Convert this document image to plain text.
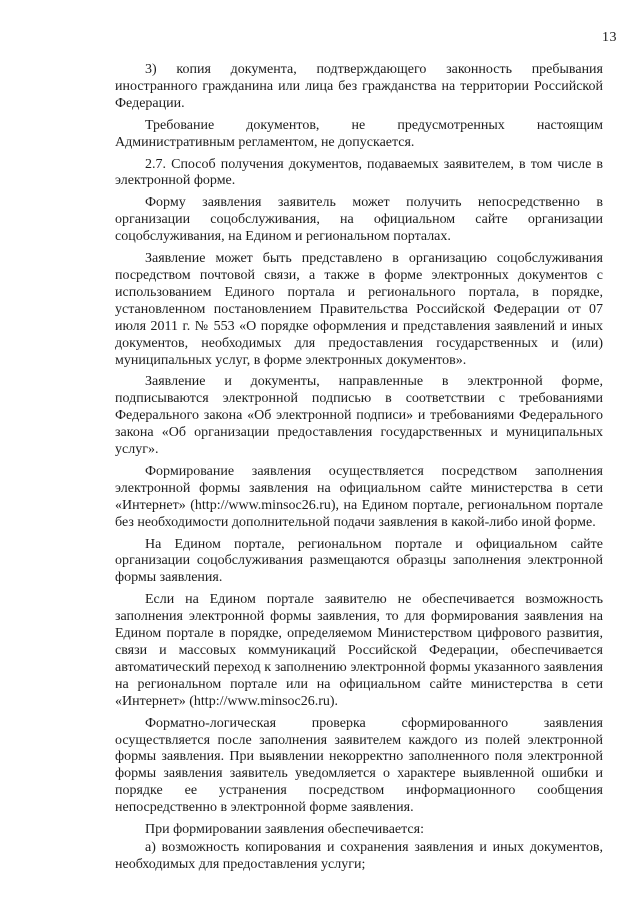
13

3) копия документа, подтверждающего законность пребывания иностранного гражданина или лица без гражданства на территории Российской Федерации.

Требование документов, не предусмотренных настоящим Административным регламентом, не допускается.

2.7. Способ получения документов, подаваемых заявителем, в том числе в электронной форме.

Форму заявления заявитель может получить непосредственно в организации соцобслуживания, на официальном сайте организации соцобслуживания, на Едином и региональном порталах.

Заявление может быть представлено в организацию соцобслуживания посредством почтовой связи, а также в форме электронных документов с использованием Единого портала и регионального портала, в порядке, установленном постановлением Правительства Российской Федерации от 07 июля 2011 г. № 553 «О порядке оформления и представления заявлений и иных документов, необходимых для предоставления государственных и (или) муниципальных услуг, в форме электронных документов».

Заявление и документы, направленные в электронной форме, подписываются электронной подписью в соответствии с требованиями Федерального закона «Об электронной подписи» и требованиями Федерального закона «Об организации предоставления государственных и муниципальных услуг».

Формирование заявления осуществляется посредством заполнения электронной формы заявления на официальном сайте министерства в сети «Интернет» (http://www.minsoc26.ru), на Едином портале, региональном портале без необходимости дополнительной подачи заявления в какой-либо иной форме.

На Едином портале, региональном портале и официальном сайте организации соцобслуживания размещаются образцы заполнения электронной формы заявления.

Если на Едином портале заявителю не обеспечивается возможность заполнения электронной формы заявления, то для формирования заявления на Едином портале в порядке, определяемом Министерством цифрового развития, связи и массовых коммуникаций Российской Федерации, обеспечивается автоматический переход к заполнению электронной формы указанного заявления на региональном портале или на официальном сайте министерства в сети «Интернет» (http://www.minsoc26.ru).

Форматно-логическая проверка сформированного заявления осуществляется после заполнения заявителем каждого из полей электронной формы заявления. При выявлении некорректно заполненного поля электронной формы заявления заявитель уведомляется о характере выявленной ошибки и порядке ее устранения посредством информационного сообщения непосредственно в электронной форме заявления.

При формировании заявления обеспечивается:

а) возможность копирования и сохранения заявления и иных документов, необходимых для предоставления услуги;
